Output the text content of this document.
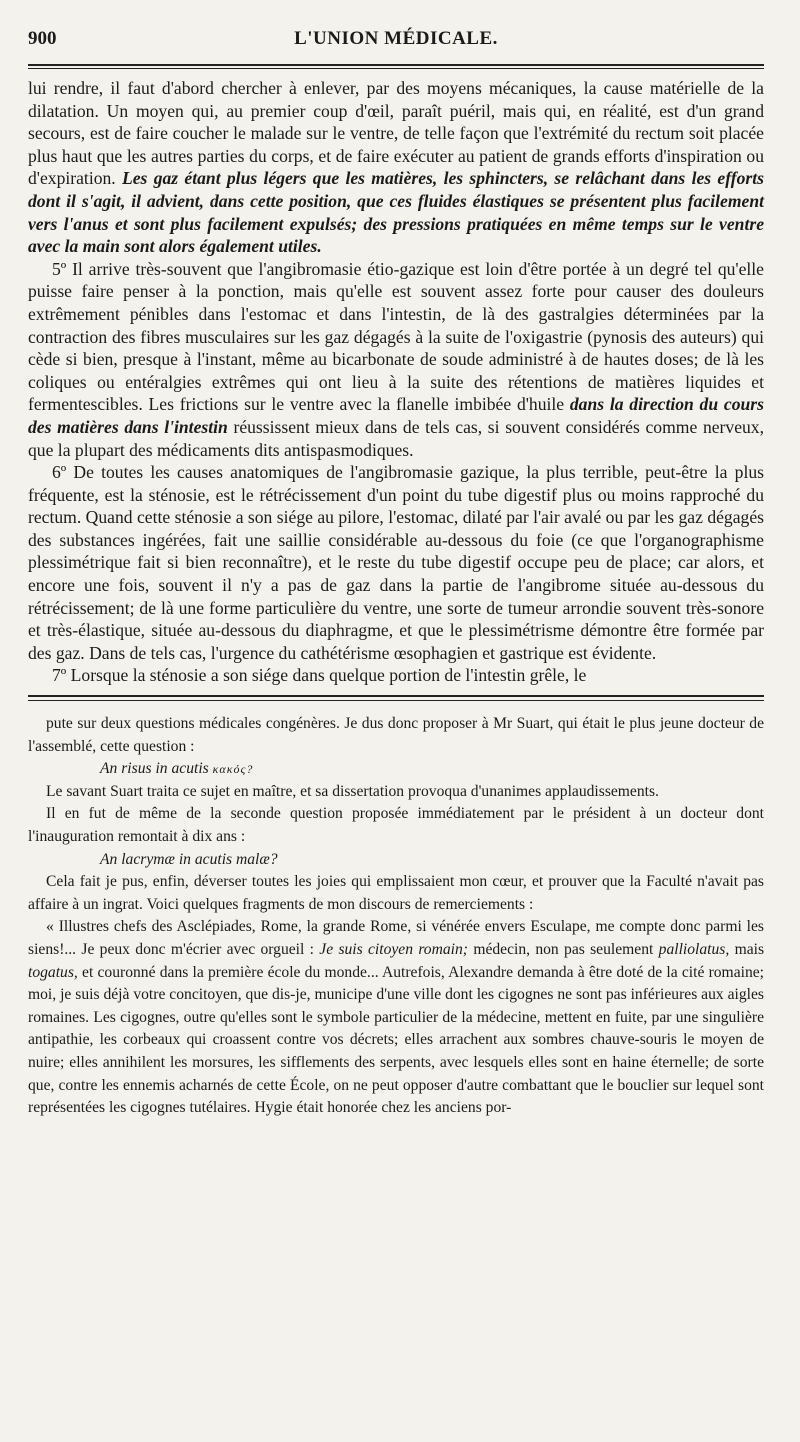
900	L'UNION MÉDICALE.

lui rendre, il faut d'abord chercher à enlever, par des moyens mécaniques, la cause matérielle de la dilatation. Un moyen qui, au premier coup d'œil, paraît puéril, mais qui, en réalité, est d'un grand secours, est de faire coucher le malade sur le ventre, de telle façon que l'extrémité du rectum soit placée plus haut que les autres parties du corps, et de faire exécuter au patient de grands efforts d'inspiration ou d'expiration. Les gaz étant plus légers que les matières, les sphincters, se relâchant dans les efforts dont il s'agit, il advient, dans cette position, que ces fluides élastiques se présentent plus facilement vers l'anus et sont plus facilement expulsés; des pressions pratiquées en même temps sur le ventre avec la main sont alors également utiles.

5º Il arrive très-souvent que l'angibromasie étio-gazique est loin d'être portée à un degré tel qu'elle puisse faire penser à la ponction, mais qu'elle est souvent assez forte pour causer des douleurs extrêmement pénibles dans l'estomac et dans l'intestin, de là des gastralgies déterminées par la contraction des fibres musculaires sur les gaz dégagés à la suite de l'oxigastrie (pynosis des auteurs) qui cède si bien, presque à l'instant, même au bicarbonate de soude administré à de hautes doses; de là les coliques ou entéralgies extrêmes qui ont lieu à la suite des rétentions de matières liquides et fermentescibles. Les frictions sur le ventre avec la flanelle imbibée d'huile dans la direction du cours des matières dans l'intestin réussissent mieux dans de tels cas, si souvent considérés comme nerveux, que la plupart des médicaments dits antispasmodiques.

6º De toutes les causes anatomiques de l'angibromasie gazique, la plus terrible, peut-être la plus fréquente, est la sténosie, est le rétrécissement d'un point du tube digestif plus ou moins rapproché du rectum. Quand cette sténosie a son siége au pilore, l'estomac, dilaté par l'air avalé ou par les gaz dégagés des substances ingérées, fait une saillie considérable au-dessous du foie (ce que l'organographisme plessimétrique fait si bien reconnaître), et le reste du tube digestif occupe peu de place; car alors, et encore une fois, souvent il n'y a pas de gaz dans la partie de l'angibrome située au-dessous du rétrécissement; de là une forme particulière du ventre, une sorte de tumeur arrondie souvent très-sonore et très-élastique, située au-dessous du diaphragme, et que le plessimétrisme démontre être formée par des gaz. Dans de tels cas, l'urgence du cathétérisme œsophagien et gastrique est évidente.

7º Lorsque la sténosie a son siége dans quelque portion de l'intestin grêle, le

pute sur deux questions médicales congénères. Je dus donc proposer à Mr Suart, qui était le plus jeune docteur de l'assemblé, cette question :

An risus in acutis κακός?

Le savant Suart traita ce sujet en maître, et sa dissertation provoqua d'unanimes applaudissements.

Il en fut de même de la seconde question proposée immédiatement par le président à un docteur dont l'inauguration remontait à dix ans :

An lacrymæ in acutis malæ?

Cela fait je pus, enfin, déverser toutes les joies qui emplissaient mon cœur, et prouver que la Faculté n'avait pas affaire à un ingrat. Voici quelques fragments de mon discours de remerciements :

« Illustres chefs des Asclépiades, Rome, la grande Rome, si vénérée envers Esculape, me compte donc parmi les siens!... Je peux donc m'écrier avec orgueil : Je suis citoyen romain; médecin, non pas seulement palliolatus, mais togatus, et couronné dans la première école du monde... Autrefois, Alexandre demanda à être doté de la cité romaine; moi, je suis déjà votre concitoyen, que dis-je, municipe d'une ville dont les cigognes ne sont pas inférieures aux aigles romaines. Les cigognes, outre qu'elles sont le symbole particulier de la médecine, mettent en fuite, par une singulière antipathie, les corbeaux qui croassent contre vos décrets; elles arrachent aux sombres chauve-souris le moyen de nuire; elles annihilent les morsures, les sifflements des serpents, avec lesquels elles sont en haine éternelle; de sorte que, contre les ennemis acharnés de cette École, on ne peut opposer d'autre combattant que le bouclier sur lequel sont représentées les cigognes tutélaires. Hygie était honorée chez les anciens por-
